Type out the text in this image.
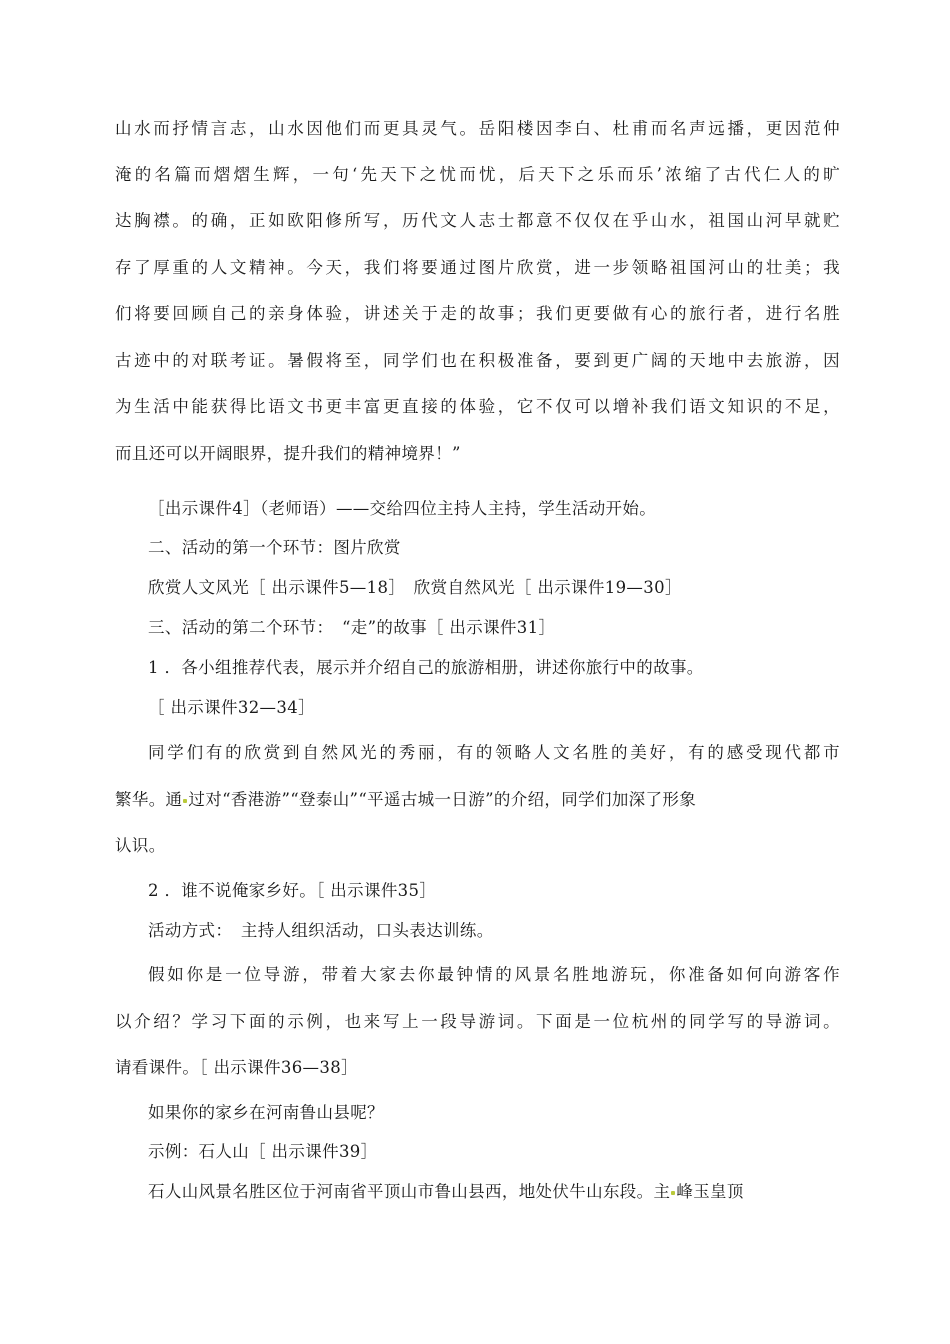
山水而抒情言志，山水因他们而更具灵气。岳阳楼因李白、杜甫而名声远播，更因范仲
淹的名篇而熠熠生辉，一句‘先天下之忧而忧，后天下之乐而乐’浓缩了古代仁人的旷
达胸襟。的确，正如欧阳修所写，历代文人志士都意不仅仅在乎山水，祖国山河早就贮
存了厚重的人文精神。今天，我们将要通过图片欣赏，进一步领略祖国河山的壮美；我
们将要回顾自己的亲身体验，讲述关于走的故事；我们更要做有心的旅行者，进行名胜
古迹中的对联考证。暑假将至，同学们也在积极准备，要到更广阔的天地中去旅游，因
为生活中能获得比语文书更丰富更直接的体验，它不仅可以增补我们语文知识的不足，
而且还可以开阔眼界，提升我们的精神境界！”
［出示课件4］（老师语）——交给四位主持人主持，学生活动开始。
二、活动的第一个环节：图片欣赏
欣赏人文风光［ 出示课件5—18］　欣赏自然风光［ 出示课件19—30］
三、活动的第二个环节：　“走”的故事［ 出示课件31］
1 ．各小组推荐代表，展示并介绍自己的旅游相册，讲述你旅行中的故事。
［ 出示课件32—34］
同学们有的欣赏到自然风光的秀丽，有的领略人文名胜的美好，有的感受现代都市
繁华。通 过对“香港游”“登泰山”“平遥古城一日游”的介绍，同学们加深了形象
认识。
2 ．谁不说俺家乡好。［ 出示课件35］
活动方式：　主持人组织活动，口头表达训练。
假如你是一位导游，带着大家去你最钟情的风景名胜地游玩，你准备如何向游客作
以介绍？学习下面的示例，也来写上一段导游词。下面是一位杭州的同学写的导游词。
请看课件。［ 出示课件36—38］
如果你的家乡在河南鲁山县呢？
示例：石人山［ 出示课件39］
石人山风景名胜区位于河南省平顶山市鲁山县西，地处伏牛山东段。主 峰玉皇顶
